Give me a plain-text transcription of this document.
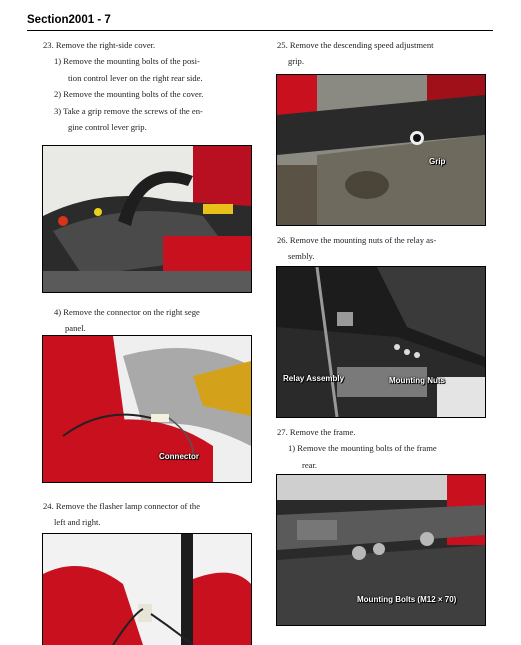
Section2001 - 7

23. Remove the right-side cover.

1) Remove the mounting bolts of the posi-

tion control lever on the right rear side.

2) Remove the mounting bolts of the cover.

3) Take a grip remove the screws of the en-

gine control lever grip.

4) Remove the connector on the right sege

panel.

Connector

24. Remove the flasher lamp connector of the

left and right.

25. Remove the descending speed adjustment

grip.

Grip

26. Remove the mounting nuts of the relay as-

sembly.

Relay Assembly	Mounting Nuts

27. Remove the frame.

1) Remove the mounting bolts of the frame

rear.

Mounting Bolts (M12 × 70)
